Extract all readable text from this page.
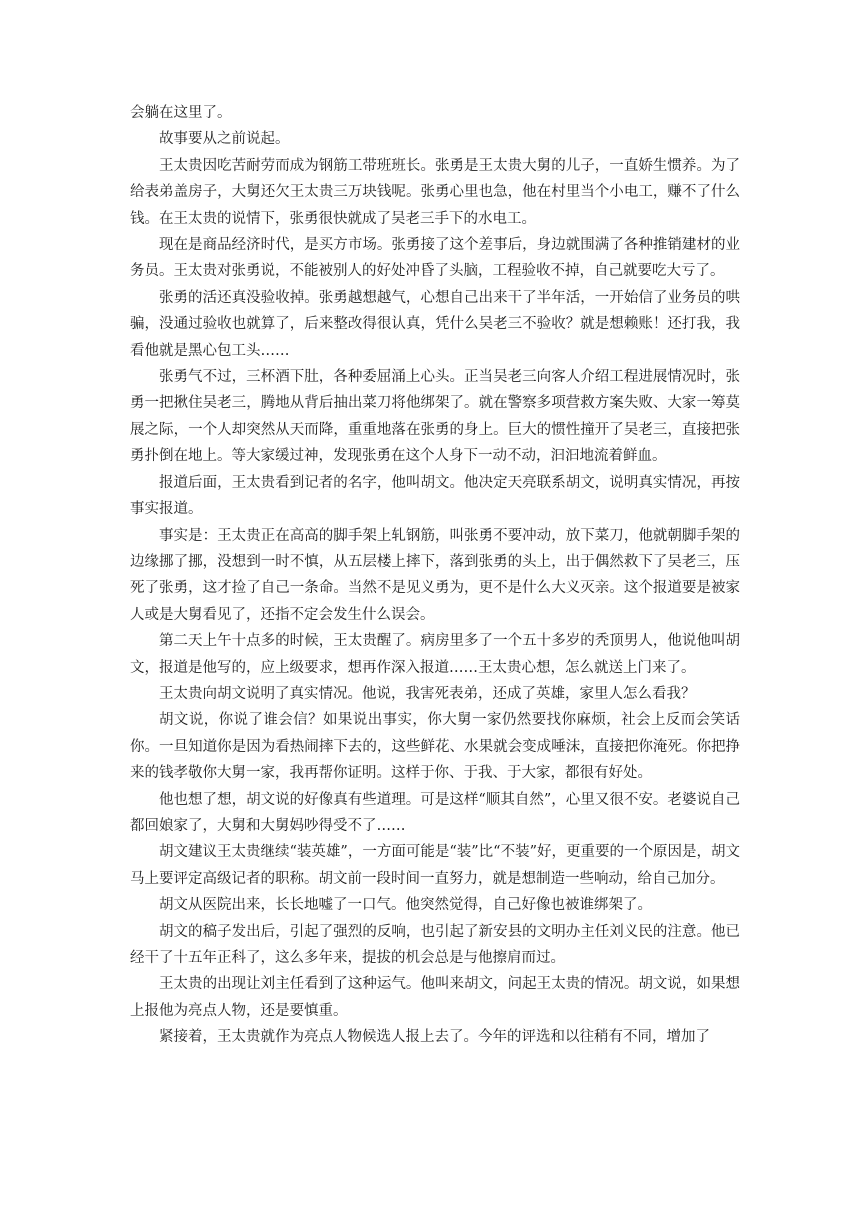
会躺在这里了。

故事要从之前说起。

王太贵因吃苦耐劳而成为钢筋工带班班长。张勇是王太贵大舅的儿子，一直娇生惯养。为了给表弟盖房子，大舅还欠王太贵三万块钱呢。张勇心里也急，他在村里当个小电工，赚不了什么钱。在王太贵的说情下，张勇很快就成了吴老三手下的水电工。

现在是商品经济时代，是买方市场。张勇接了这个差事后，身边就围满了各种推销建材的业务员。王太贵对张勇说，不能被别人的好处冲昏了头脑，工程验收不掉，自己就要吃大亏了。

张勇的活还真没验收掉。张勇越想越气，心想自己出来干了半年活，一开始信了业务员的哄骗，没通过验收也就算了，后来整改得很认真，凭什么吴老三不验收？就是想赖账！还打我，我看他就是黑心包工头……

张勇气不过，三杯酒下肚，各种委屈涌上心头。正当吴老三向客人介绍工程进展情况时，张勇一把揪住吴老三，腾地从背后抽出菜刀将他绑架了。就在警察多项营救方案失败、大家一筹莫展之际，一个人却突然从天而降，重重地落在张勇的身上。巨大的惯性撞开了吴老三，直接把张勇扑倒在地上。等大家缓过神，发现张勇在这个人身下一动不动，汩汩地流着鲜血。

报道后面，王太贵看到记者的名字，他叫胡文。他决定天亮联系胡文，说明真实情况，再按事实报道。

事实是：王太贵正在高高的脚手架上轧钢筋，叫张勇不要冲动，放下菜刀，他就朝脚手架的边缘挪了挪，没想到一时不慎，从五层楼上摔下，落到张勇的头上，出于偶然救下了吴老三，压死了张勇，这才捡了自己一条命。当然不是见义勇为，更不是什么大义灭亲。这个报道要是被家人或是大舅看见了，还指不定会发生什么误会。

第二天上午十点多的时候，王太贵醒了。病房里多了一个五十多岁的秃顶男人，他说他叫胡文，报道是他写的，应上级要求，想再作深入报道……王太贵心想，怎么就送上门来了。

王太贵向胡文说明了真实情况。他说，我害死表弟，还成了英雄，家里人怎么看我？

胡文说，你说了谁会信？如果说出事实，你大舅一家仍然要找你麻烦，社会上反而会笑话你。一旦知道你是因为看热闹摔下去的，这些鲜花、水果就会变成唾沫，直接把你淹死。你把挣来的钱孝敬你大舅一家，我再帮你证明。这样于你、于我、于大家，都很有好处。

他也想了想，胡文说的好像真有些道理。可是这样“顺其自然”，心里又很不安。老婆说自己都回娘家了，大舅和大舅妈吵得受不了……

胡文建议王太贵继续“装英雄”，一方面可能是“装”比“不装”好，更重要的一个原因是，胡文马上要评定高级记者的职称。胡文前一段时间一直努力，就是想制造一些响动，给自己加分。

胡文从医院出来，长长地嘘了一口气。他突然觉得，自己好像也被谁绑架了。

胡文的稿子发出后，引起了强烈的反响，也引起了新安县的文明办主任刘义民的注意。他已经干了十五年正科了，这么多年来，提拔的机会总是与他擦肩而过。

王太贵的出现让刘主任看到了这种运气。他叫来胡文，问起王太贵的情况。胡文说，如果想上报他为亮点人物，还是要慎重。

紧接着，王太贵就作为亮点人物候选人报上去了。今年的评选和以往稍有不同，增加了
